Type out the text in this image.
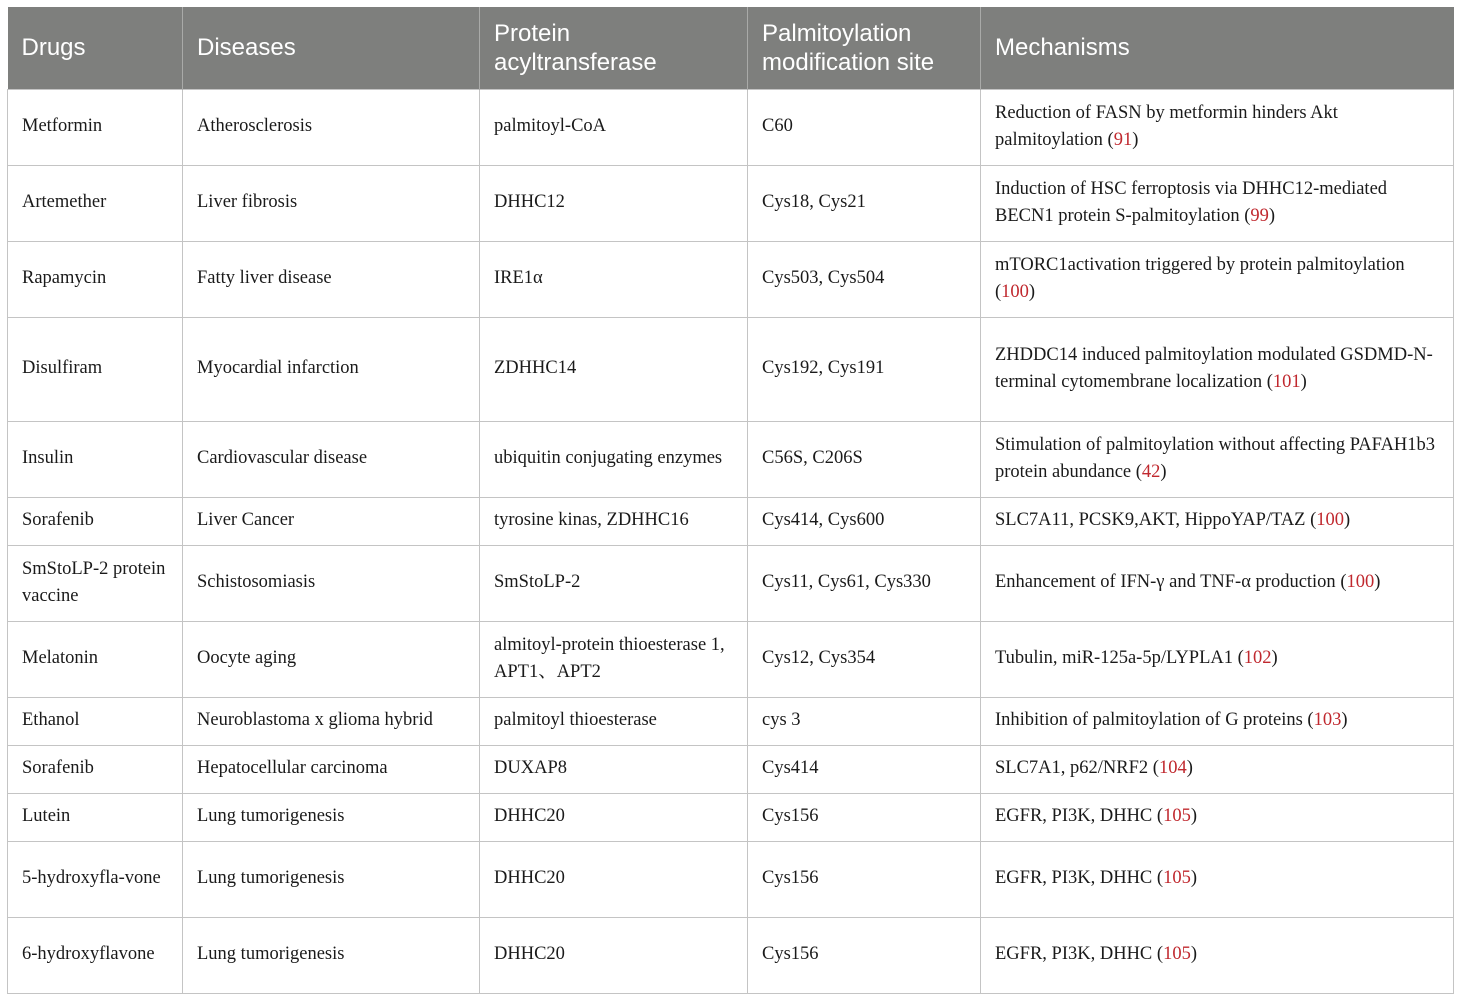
Drugs	Diseases	Protein acyltransferase	Palmitoylation modification site	Mechanisms
Metformin	Atherosclerosis	palmitoyl-CoA	C60	Reduction of FASN by metformin hinders Akt palmitoylation (91)
Artemether	Liver fibrosis	DHHC12	Cys18, Cys21	Induction of HSC ferroptosis via DHHC12-mediated BECN1 protein S-palmitoylation (99)
Rapamycin	Fatty liver disease	IRE1α	Cys503, Cys504	mTORC1activation triggered by protein palmitoylation (100)
Disulfiram	Myocardial infarction	ZDHHC14	Cys192, Cys191	ZHDDC14 induced palmitoylation modulated GSDMD-N-terminal cytomembrane localization (101)
Insulin	Cardiovascular disease	ubiquitin conjugating enzymes	C56S, C206S	Stimulation of palmitoylation without affecting PAFAH1b3 protein abundance (42)
Sorafenib	Liver Cancer	tyrosine kinas, ZDHHC16	Cys414, Cys600	SLC7A11, PCSK9,AKT, HippoYAP/TAZ (100)
SmStoLP-2 protein vaccine	Schistosomiasis	SmStoLP-2	Cys11, Cys61, Cys330	Enhancement of IFN-γ and TNF-α production (100)
Melatonin	Oocyte aging	almitoyl-protein thioesterase 1, APT1、APT2	Cys12, Cys354	Tubulin, miR-125a-5p/LYPLA1 (102)
Ethanol	Neuroblastoma x glioma hybrid	palmitoyl thioesterase	cys 3	Inhibition of palmitoylation of G proteins (103)
Sorafenib	Hepatocellular carcinoma	DUXAP8	Cys414	SLC7A1, p62/NRF2 (104)
Lutein	Lung tumorigenesis	DHHC20	Cys156	EGFR, PI3K, DHHC (105)
5-hydroxyfla-vone	Lung tumorigenesis	DHHC20	Cys156	EGFR, PI3K, DHHC (105)
6-hydroxyflavone	Lung tumorigenesis	DHHC20	Cys156	EGFR, PI3K, DHHC (105)
